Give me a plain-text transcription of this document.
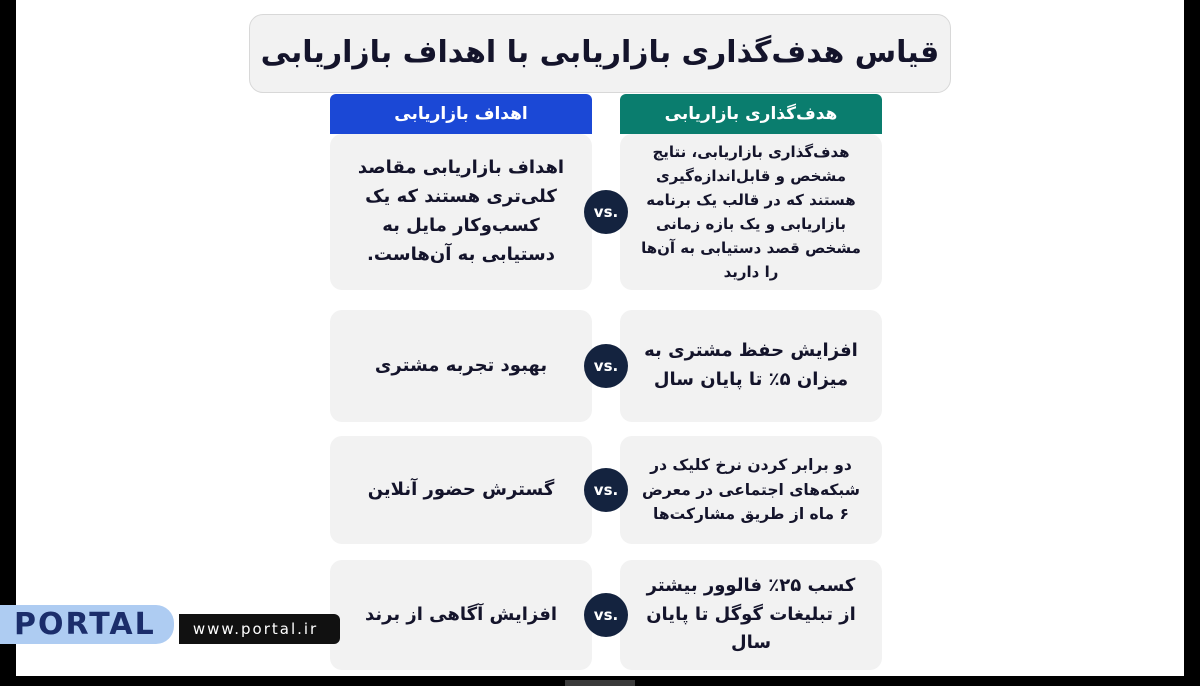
قیاس هدف‌گذاری بازاریابی با اهداف بازاریابی
اهداف بازاریابی	هدف‌گذاری بازاریابی
اهداف بازاریابی مقاصد کلی‌تری هستند که یک کسب‌وکار مایل به دستیابی به آن‌هاست.
هدف‌گذاری بازاریابی، نتایج مشخص و قابل‌اندازه‌گیری هستند که در قالب یک برنامه بازاریابی و یک بازه زمانی مشخص قصد دستیابی به آن‌ها را دارید
vs.
بهبود تجربه مشتری
افزایش حفظ مشتری به میزان ۵٪ تا پایان سال
vs.
گسترش حضور آنلاین
دو برابر کردن نرخ کلیک در شبکه‌های اجتماعی در معرض ۶ ماه از طریق مشارکت‌ها
vs.
افزایش آگاهی از برند
کسب ۲۵٪ فالوور بیشتر از تبلیغات گوگل تا پایان سال
vs.
PORTAL www.portal.ir
